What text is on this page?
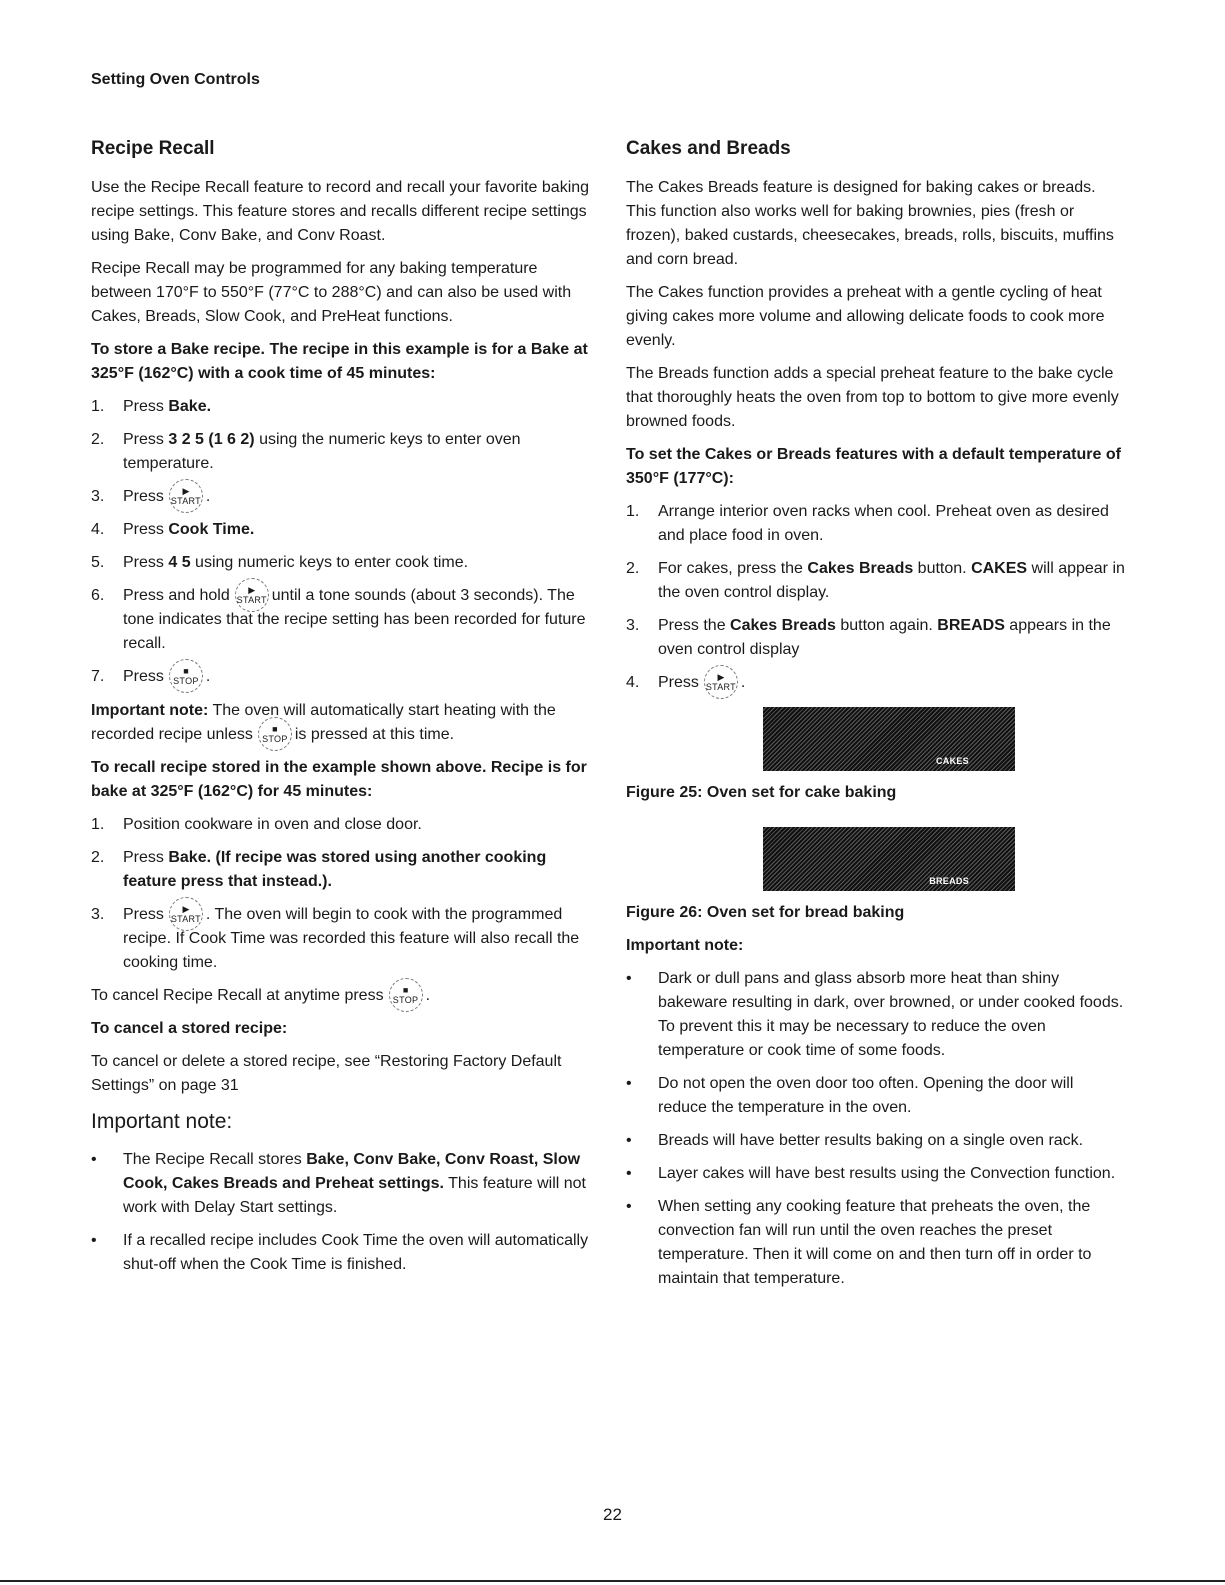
Setting Oven Controls
Recipe Recall

Use the Recipe Recall feature to record and recall your favorite baking recipe settings. This feature stores and recalls different recipe settings using Bake, Conv Bake, and Conv Roast.

Recipe Recall may be programmed for any baking temperature between 170°F to 550°F (77°C to 288°C) and can also be used with Cakes, Breads, Slow Cook, and PreHeat functions.

To store a Bake recipe. The recipe in this example is for a Bake at 325°F (162°C) with a cook time of 45 minutes:

1. Press Bake.
2. Press 3 2 5 (1 6 2) using the numeric keys to enter oven temperature.
3. Press ▶
START .
4. Press Cook Time.
5. Press 4 5 using numeric keys to enter cook time.
6. Press and hold ▶
START until a tone sounds (about 3 seconds). The tone indicates that the recipe setting has been recorded for future recall.
7. Press ■
STOP .

Important note: The oven will automatically start heating with the recorded recipe unless ■
STOP is pressed at this time.

To recall recipe stored in the example shown above. Recipe is for bake at 325°F (162°C) for 45 minutes:

1. Position cookware in oven and close door.
2. Press Bake. (If recipe was stored using another cooking feature press that instead.).
3. Press ▶
START . The oven will begin to cook with the programmed recipe. If Cook Time was recorded this feature will also recall the cooking time.

To cancel Recipe Recall at anytime press ■
STOP .

To cancel a stored recipe:

To cancel or delete a stored recipe, see “Restoring Factory Default Settings” on page 31

Important note:
• The Recipe Recall stores Bake, Conv Bake, Conv Roast, Slow Cook, Cakes Breads and Preheat settings. This feature will not work with Delay Start settings.
• If a recalled recipe includes Cook Time the oven will automatically shut-off when the Cook Time is finished.
Cakes and Breads

The Cakes Breads feature is designed for baking cakes or breads. This function also works well for baking brownies, pies (fresh or frozen), baked custards, cheesecakes, breads, rolls, biscuits, muffins and corn bread.

The Cakes function provides a preheat with a gentle cycling of heat giving cakes more volume and allowing delicate foods to cook more evenly.

The Breads function adds a special preheat feature to the bake cycle that thoroughly heats the oven from top to bottom to give more evenly browned foods.

To set the Cakes or Breads features with a default temperature of 350°F (177°C):

1. Arrange interior oven racks when cool. Preheat oven as desired and place food in oven.
2. For cakes, press the Cakes Breads button. CAKES will appear in the oven control display.
3. Press the Cakes Breads button again. BREADS appears in the oven control display
4. Press ▶
START .
CAKES

Figure 25: Oven set for cake baking

BREADS

Figure 26: Oven set for bread baking

Important note:

• Dark or dull pans and glass absorb more heat than shiny bakeware resulting in dark, over browned, or under cooked foods. To prevent this it may be necessary to reduce the oven temperature or cook time of some foods.
• Do not open the oven door too often. Opening the door will reduce the temperature in the oven.
• Breads will have better results baking on a single oven rack.
• Layer cakes will have best results using the Convection function.
• When setting any cooking feature that preheats the oven, the convection fan will run until the oven reaches the preset temperature. Then it will come on and then turn off in order to maintain that temperature.
22
